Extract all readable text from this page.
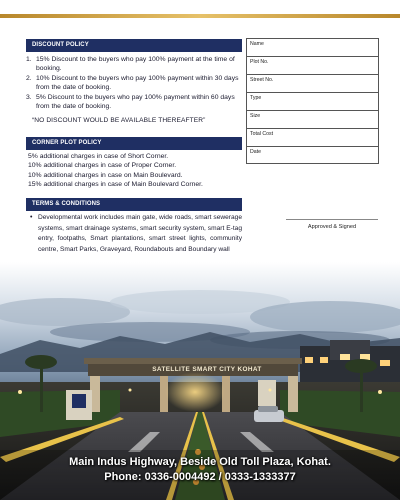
DISCOUNT POLICY
1. 15% Discount to the buyers who pay 100% payment at the time of booking.
2. 10% Discount to the buyers who pay 100% payment within 30 days from the date of booking.
3. 5% Discount to the buyers who pay 100% payment within 60 days from the date of booking.
“NO DISCOUNT WOULD BE AVAILABLE THEREAFTER”
CORNER PLOT POLICY
5% additional charges in case of Short Corner.
10% additional charges in case of Proper Corner.
10% additional charges in case on Main Boulevard.
15% additional charges in case of Main Boulevard Corner.
TERMS & CONDITIONS
• Developmental work includes main gate, wide roads, smart sewerage systems, smart drainage systems, smart security system, smart E-tag entry, footpaths, Smart plantations, smart street lights, community centre, Smart Parks, Graveyard, Roundabouts and Boundary wall
Name
Plot No.
Street No.
Type
Size
Total Cost
Date
Approved & Signed
SATELLITE SMART CITY KOHAT
Main Indus Highway, Beside Old Toll Plaza, Kohat.
Phone: 0336-0004492 / 0333-1333377
